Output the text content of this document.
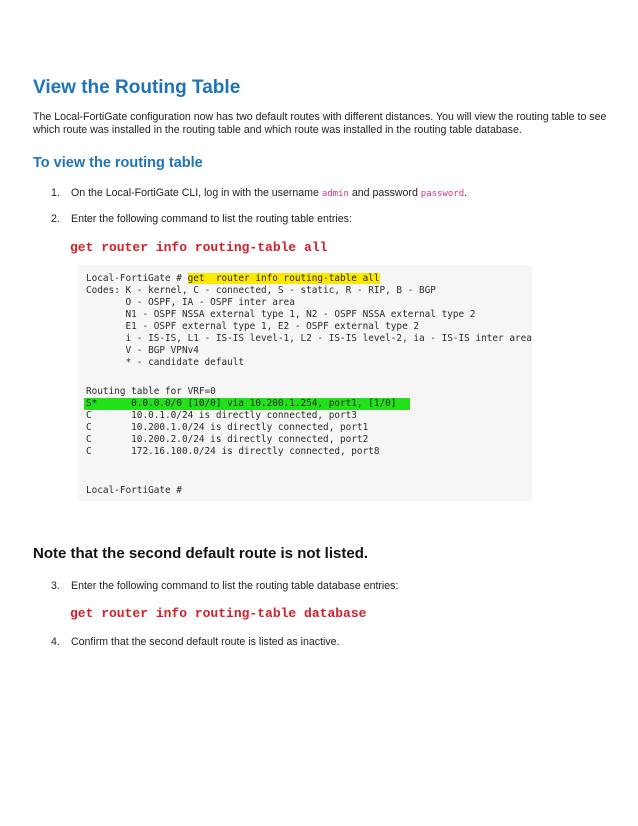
View the Routing Table

The Local-FortiGate configuration now has two default routes with different distances. You will view the routing table to see which route was installed in the routing table and which route was installed in the routing table database.

To view the routing table
1. On the Local-FortiGate CLI, log in with the username admin and password password.
2. Enter the following command to list the routing table entries:
get router info routing-table all
Local-FortiGate # get  router info routing-table all
Codes: K - kernel, C - connected, S - static, R - RIP, B - BGP
O - OSPF, IA - OSPF inter area
N1 - OSPF NSSA external type 1, N2 - OSPF NSSA external type 2
E1 - OSPF external type 1, E2 - OSPF external type 2
i - IS-IS, L1 - IS-IS level-1, L2 - IS-IS level-2, ia - IS-IS inter area
V - BGP VPNv4
* - candidate default
Routing table for VRF=0
S*      0.0.0.0/0 [10/0] via 10.200.1.254, port1, [1/0]
C       10.0.1.0/24 is directly connected, port3
C       10.200.1.0/24 is directly connected, port1
C       10.200.2.0/24 is directly connected, port2
C       172.16.100.0/24 is directly connected, port8
Local-FortiGate #

Note that the second default route is not listed.

3. Enter the following command to list the routing table database entries:
get router info routing-table database
4. Confirm that the second default route is listed as inactive.
